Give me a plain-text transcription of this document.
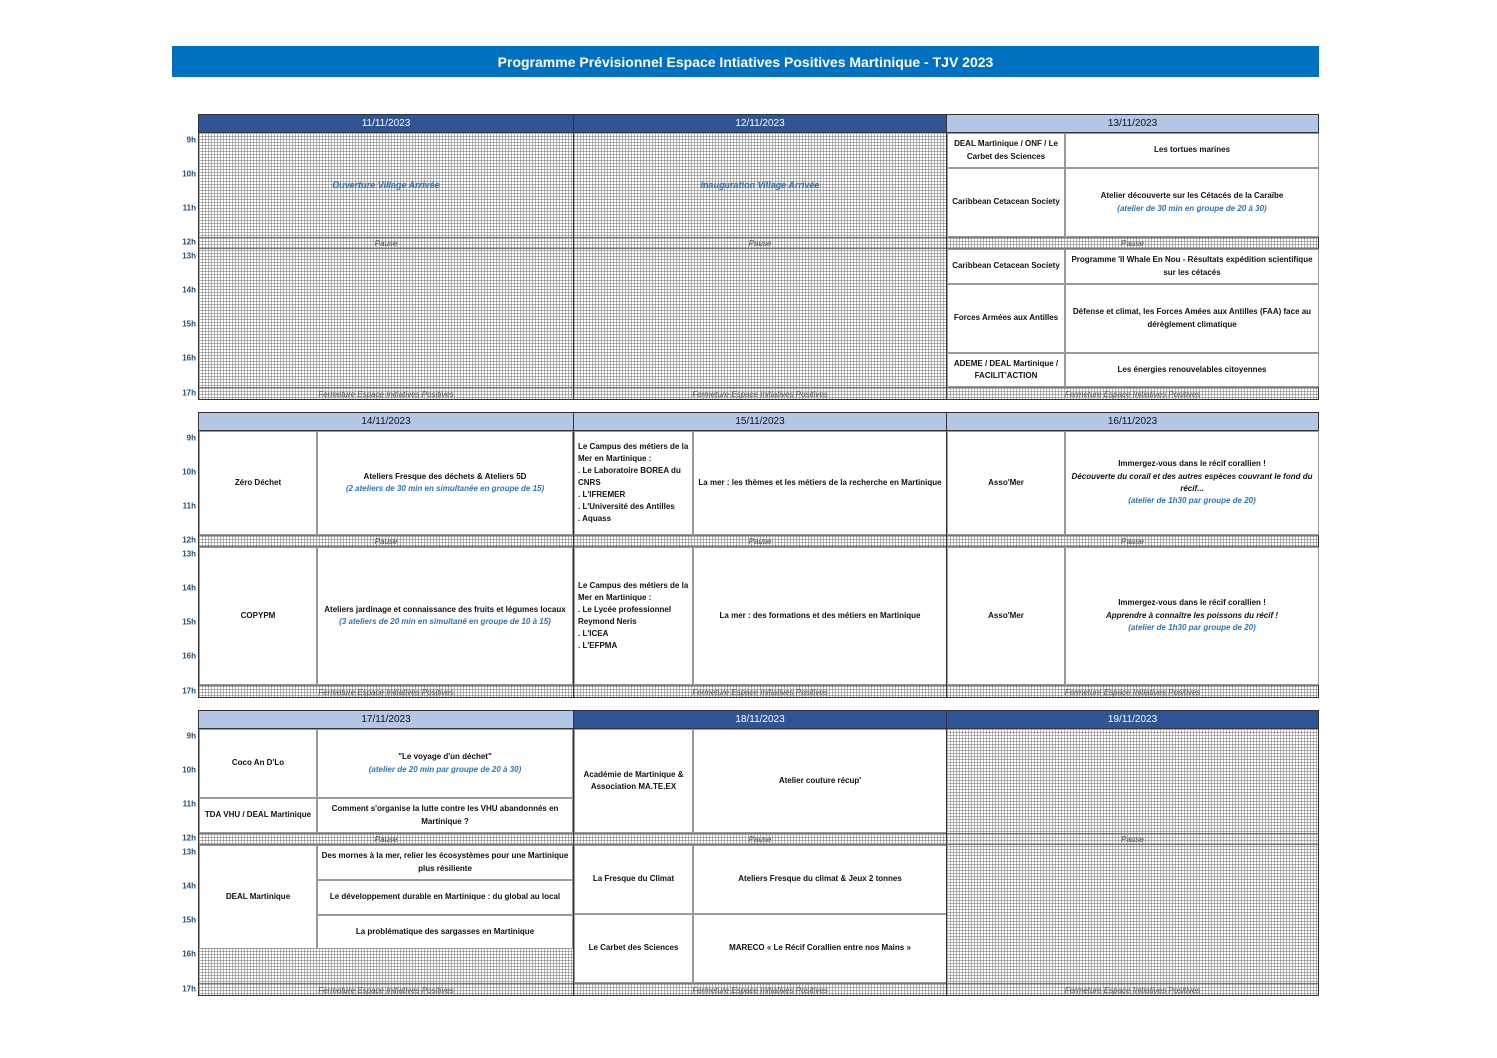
Programme Prévisionnel Espace Intiatives Positives Martinique - TJV 2023
9h
10h
11h
12h
13h
14h
15h
16h
17h
11/11/2023
Ouverture Village Arrivée
Pause
Fermeture Espace Initiatives Positives
12/11/2023
Inauguration Village Arrivée
Pause
Fermeture Espace Initiatives Positives
13/11/2023
DEAL Martinique / ONF / Le Carbet des Sciences
Les tortues marines
Caribbean Cetacean Society
Atelier découverte sur les Cétacés de la Caraïbe
(atelier de 30 min en groupe de 20 à 30)
Pause
Caribbean Cetacean Society
Programme 'Il Whale En Nou - Résultats expédition scientifique sur les cétacés
Forces Armées aux Antilles
Défense et climat, les Forces Amées aux Antilles (FAA) face au dérèglement climatique
ADEME / DEAL Martinique / FACILIT'ACTION
Les énergies renouvelables citoyennes
Fermeture Espace Initiatives Positives
9h
10h
11h
12h
13h
14h
15h
16h
17h
14/11/2023
Zéro Déchet
Ateliers Fresque des déchets & Ateliers 5D
(2 ateliers de 30 min en simultanée en groupe de 15)
Pause
COPYPM
Ateliers jardinage et connaissance des fruits et légumes locaux
(3 ateliers de 20 min en simultané en groupe de 10 à 15)
Fermeture Espace Initiatives Positives
15/11/2023
Le Campus des métiers de la Mer en Martinique :
. Le Laboratoire BOREA du CNRS
. L'IFREMER
. L'Université des Antilles
. Aquass
La mer : les thèmes et les métiers de la recherche en Martinique
Pause
Le Campus des métiers de la Mer en Martinique :
. Le Lycée professionnel Reymond Neris
. L'ICEA
. L'EFPMA
La mer : des formations et des métiers en Martinique
Fermeture Espace Initiatives Positives
16/11/2023
Asso'Mer
Immergez-vous dans le récif corallien !
Découverte du corail et des autres espèces couvrant le fond du récif...
(atelier de 1h30 par groupe de 20)
Pause
Asso'Mer
Immergez-vous dans le récif corallien !
Apprendre à connaître les poissons du récif !
(atelier de 1h30 par groupe de 20)
Fermeture Espace Initiatives Positives
9h
10h
11h
12h
13h
14h
15h
16h
17h
17/11/2023
Coco An D'Lo
"Le voyage d'un déchet"
(atelier de 20 min par groupe de 20 à 30)
TDA VHU / DEAL Martinique
Comment s'organise la lutte contre les VHU abandonnés en Martinique ?
Pause
DEAL Martinique
Des mornes à la mer, relier les écosystèmes pour une Martinique plus résiliente
Le développement durable en Martinique : du global au local
La problématique des sargasses en Martinique
Fermeture Espace Initiatives Positives
18/11/2023
Académie de Martinique & Association MA.TE.EX
Atelier couture récup'
Pause
La Fresque du Climat	Ateliers Fresque du climat & Jeux 2 tonnes
Le Carbet des Sciences	MARECO « Le Récif Corallien entre nos Mains »
Fermeture Espace Initiatives Positives
19/11/2023
Pause
Fermeture Espace Initiatives Positives
